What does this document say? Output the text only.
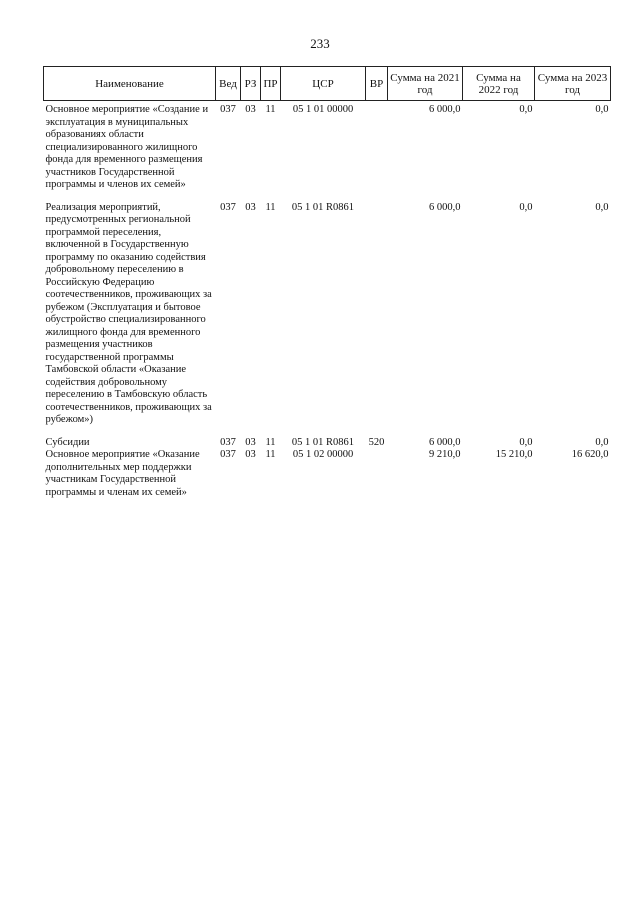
233
Наименование	Вед	РЗ	ПР	ЦСР	ВР	Сумма на 2021 год	Сумма на 2022 год	Сумма на 2023 год
Основное мероприятие «Создание и эксплуатация в муниципальных образованиях области специализированного жилищного фонда для временного размещения участников Государственной программы и членов их семей»	037	03	11	05 1 01 00000		6 000,0	0,0	0,0
Реализация мероприятий, предусмотренных региональной программой переселения, включенной в Государственную программу по оказанию содействия добровольному переселению в Российскую Федерацию соотечественников, проживающих за рубежом (Эксплуатация и бытовое обустройство специализированного жилищного фонда для временного размещения участников государственной программы Тамбовской области «Оказание содействия добровольному переселению в Тамбовскую область соотечественников, проживающих за рубежом»)	037	03	11	05 1 01 R0861		6 000,0	0,0	0,0
Субсидии	037	03	11	05 1 01 R0861	520	6 000,0	0,0	0,0
Основное мероприятие «Оказание дополнительных мер поддержки участникам Государственной программы и членам их семей»	037	03	11	05 1 02 00000		9 210,0	15 210,0	16 620,0
